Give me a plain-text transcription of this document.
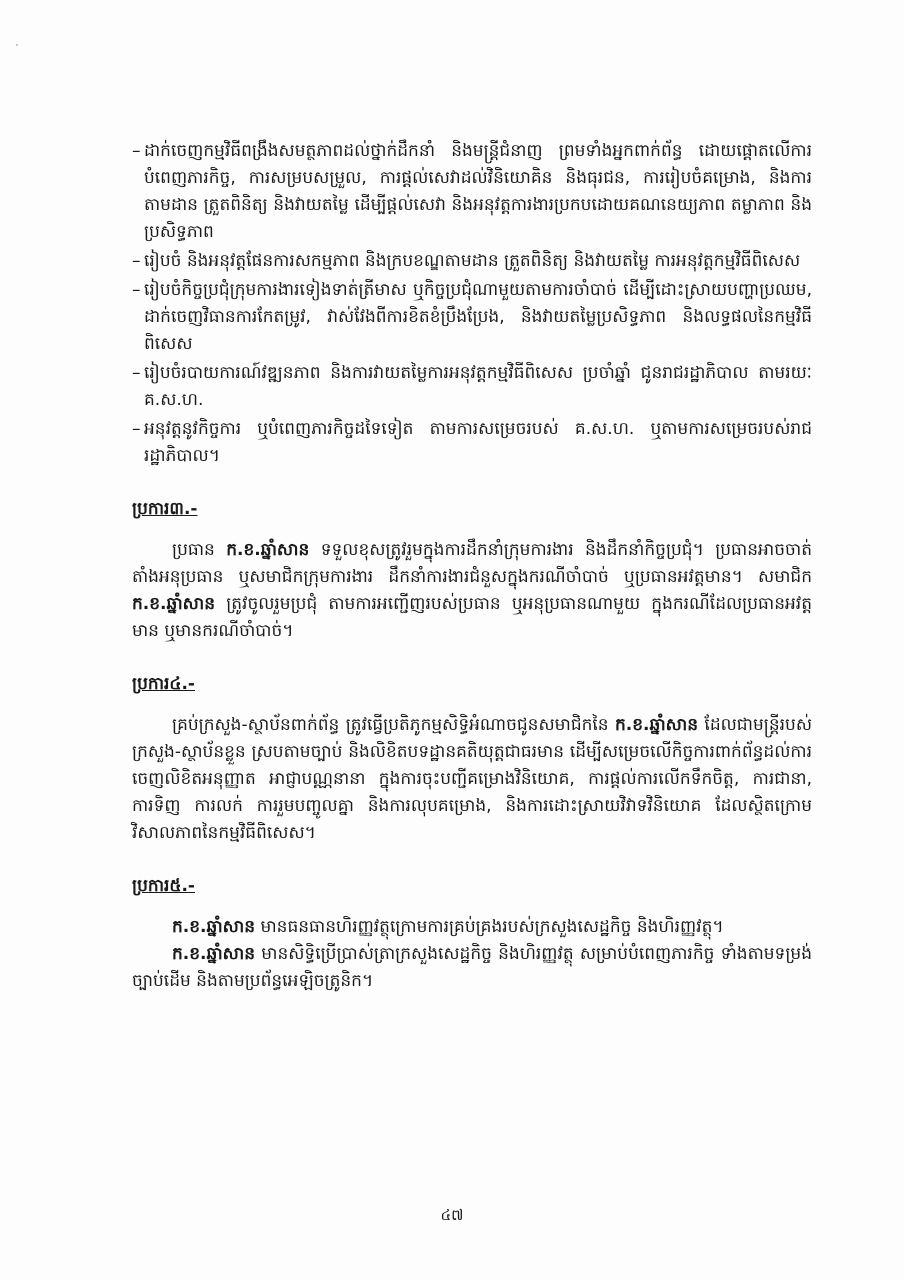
– ដាក់ចេញកម្មវិធីពង្រឹងសមត្ថភាពដល់ថ្នាក់ដឹកនាំ និងមន្ត្រីជំនាញ ព្រមទាំងអ្នកពាក់ព័ន្ធ ដោយផ្ដោតលើការបំពេញភារកិច្ច, ការសម្របសម្រួល, ការផ្ដល់សេវាដល់វិនិយោគិន និងធុរជន, ការរៀបចំគម្រោង, និងការតាមដាន ត្រួតពិនិត្យ និងវាយតម្លៃ ដើម្បីផ្ដល់សេវា និងអនុវត្តការងារប្រកបដោយគណនេយ្យភាព តម្លាភាព និងប្រសិទ្ធភាព
– រៀបចំ និងអនុវត្តផែនការសកម្មភាព និងក្របខណ្ឌតាមដាន ត្រួតពិនិត្យ និងវាយតម្លៃ ការអនុវត្តកម្មវិធីពិសេស
– រៀបចំកិច្ចប្រជុំក្រុមការងារទៀងទាត់ត្រីមាស ឬកិច្ចប្រជុំណាមួយតាមការចាំបាច់ ដើម្បីដោះស្រាយបញ្ហាប្រឈម, ដាក់ចេញវិធានការកែតម្រូវ, វាស់វែងពីការខិតខំប្រឹងប្រែង, និងវាយតម្លៃប្រសិទ្ធភាព និងលទ្ធផលនៃកម្មវិធីពិសេស
– រៀបចំរបាយការណ៍វឌ្ឍនភាព និងការវាយតម្លៃការអនុវត្តកម្មវិធីពិសេស ប្រចាំឆ្នាំ ជូនរាជរដ្ឋាភិបាល តាមរយៈ គ.ស.ហ.
– អនុវត្តនូវកិច្ចការ ឬបំពេញភារកិច្ចដទៃទៀត តាមការសម្រេចរបស់ គ.ស.ហ. ឬតាមការសម្រេចរបស់រាជរដ្ឋាភិបាល។
ប្រការ៣.-

ប្រធាន ក.ខ.ឆ្នាំសាន ទទួលខុសត្រូវរួមក្នុងការដឹកនាំក្រុមការងារ និងដឹកនាំកិច្ចប្រជុំ។ ប្រធានអាចចាត់តាំងអនុប្រធាន ឬសមាជិកក្រុមការងារ ដឹកនាំការងារជំនួសក្នុងករណីចាំបាច់ ឬប្រធានអវត្តមាន។ សមាជិក ក.ខ.ឆ្នាំសាន ត្រូវចូលរួមប្រជុំ តាមការអញ្ជើញរបស់ប្រធាន ឬអនុប្រធានណាមួយ ក្នុងករណីដែលប្រធានអវត្តមាន ឬមានករណីចាំបាច់។

ប្រការ៤.-

គ្រប់ក្រសួង-ស្ថាប័នពាក់ព័ន្ធ ត្រូវធ្វើប្រតិភូកម្មសិទ្ធិអំណាចជូនសមាជិកនៃ ក.ខ.ឆ្នាំសាន ដែលជាមន្ត្រីរបស់ក្រសួង-ស្ថាប័នខ្លួន ស្របតាមច្បាប់ និងលិខិតបទដ្ឋានគតិយុត្តជាធរមាន ដើម្បីសម្រេចលើកិច្ចការពាក់ព័ន្ធដល់ការចេញលិខិតអនុញ្ញាត អាជ្ញាបណ្ណនានា ក្នុងការចុះបញ្ជីគម្រោងវិនិយោគ, ការផ្ដល់ការលើកទឹកចិត្ត, ការជានា, ការទិញ ការលក់ ការរួមបញ្ចូលគ្នា និងការលុបគម្រោង, និងការដោះស្រាយវិវាទវិនិយោគ ដែលស្ថិតក្រោមវិសាលភាពនៃកម្មវិធីពិសេស។

ប្រការ៥.-

ក.ខ.ឆ្នាំសាន មានធនធានហិរញ្ញវត្ថុក្រោមការគ្រប់គ្រងរបស់ក្រសួងសេដ្ឋកិច្ច និងហិរញ្ញវត្ថុ។

ក.ខ.ឆ្នាំសាន មានសិទ្ធិប្រើប្រាស់ត្រាក្រសួងសេដ្ឋកិច្ច និងហិរញ្ញវត្ថុ សម្រាប់បំពេញភារកិច្ច ទាំងតាមទម្រង់ច្បាប់ដើម និងតាមប្រព័ន្ធអេឡិចត្រូនិក។

៤៧
